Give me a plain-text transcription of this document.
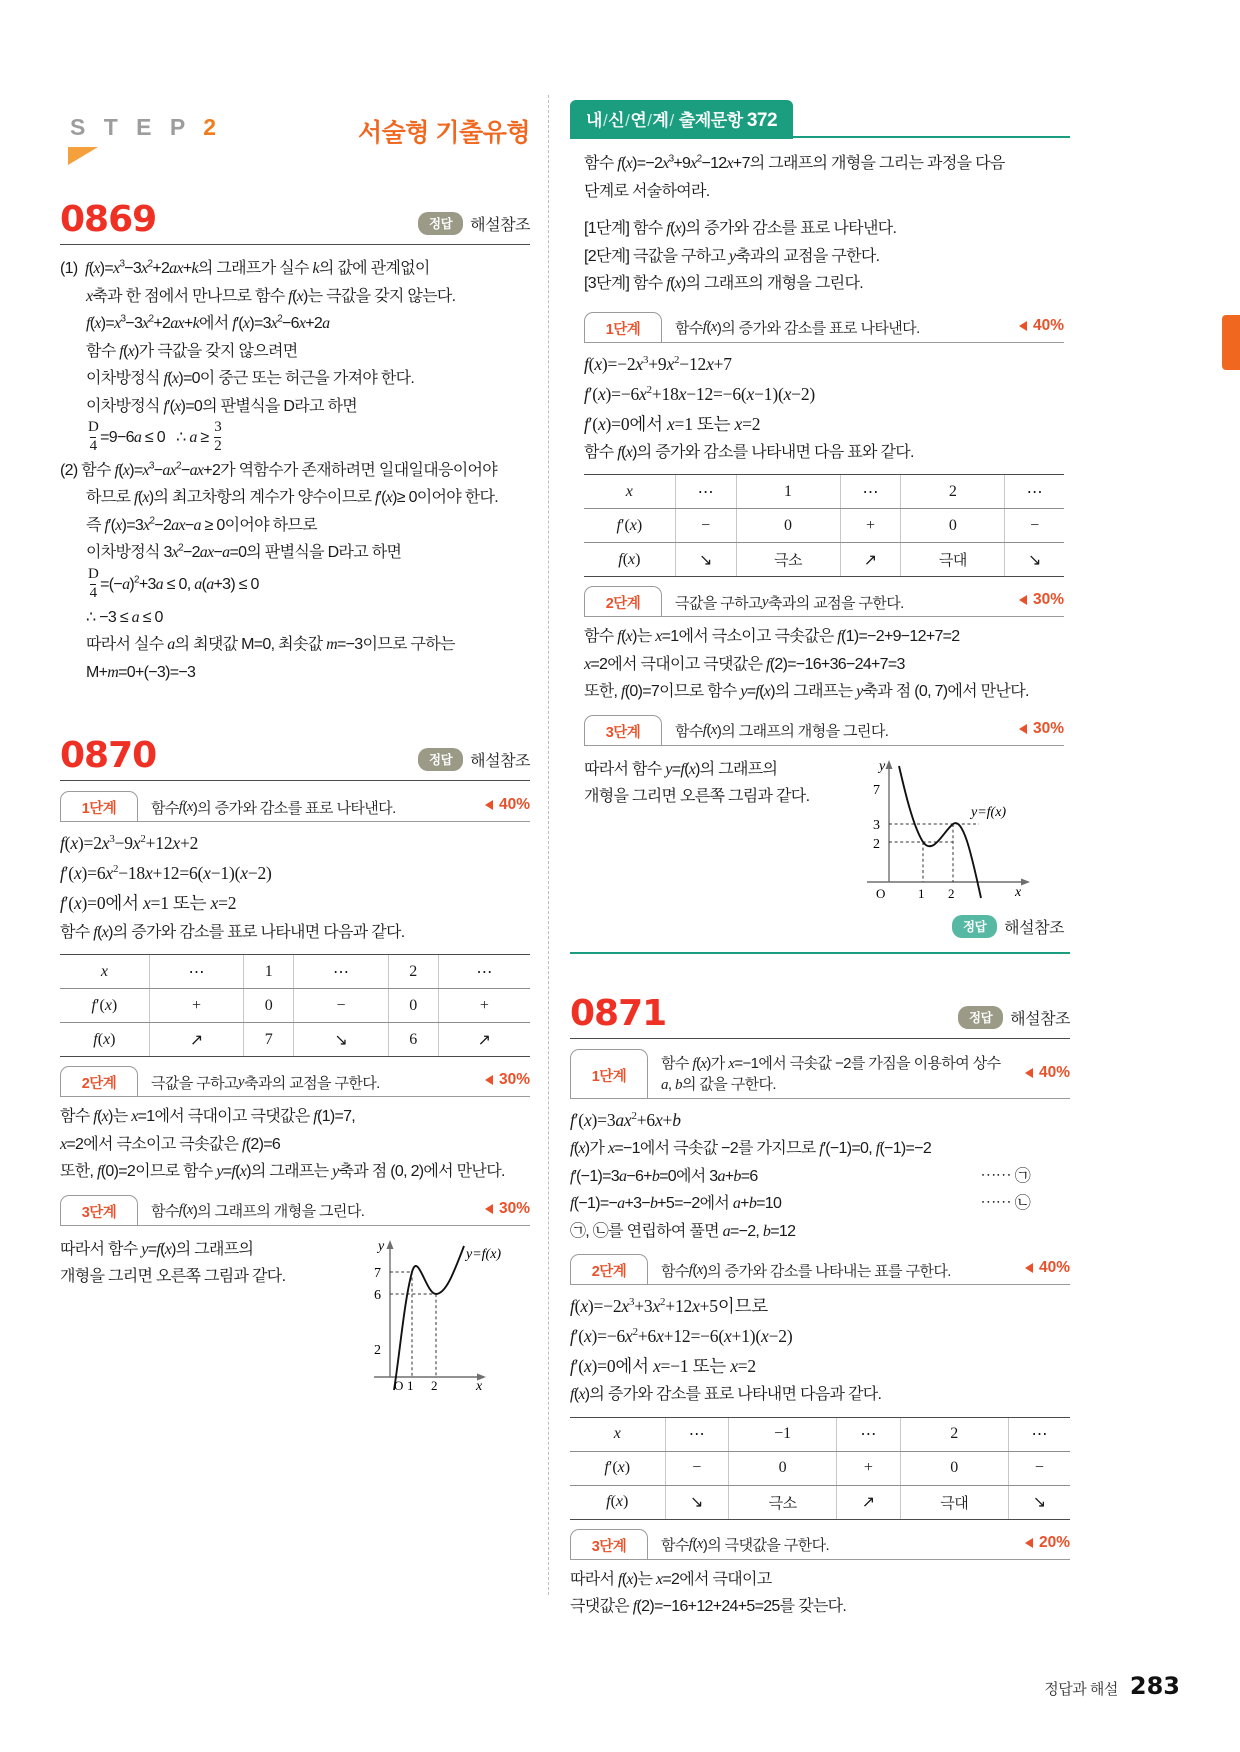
S T E P 2	서술형 기출유형
0869	정답	해설참조
(1)  $f(x)=x^3-3x^2+2ax+k$의 그래프가 실수 k의 값에 관계없이
x축과 한 점에서 만나므로 함수 f(x)는 극값을 갖지 않는다.
$f(x)=x^3-3x^2+2ax+k$에서 $f'(x)=3x^2-6x+2a$
함수 f(x)가 극값을 갖지 않으려면
이차방정식 f(x)=0이 중근 또는 허근을 가져야 한다.
이차방정식 f′(x)=0의 판별식을 D라고 하면
$\frac{D}{4} =9-6a \le 0$   ∴ $a \ge \frac{3}{2}$
(2) 함수 $f(x)=x^3-ax^2-ax+2$가 역함수가 존재하려면 일대일대응이어야
하므로 f(x)의 최고차항의 계수가 양수이므로 f′(x)≥ 0이어야 한다.
즉 $f'(x)=3x^2-2ax-a \ge 0$이어야 하므로
이차방정식 $3x^2-2ax-a=0$의 판별식을 D라고 하면
$\frac{D}{4} =(-a)^2+3a \le 0$, a(a+3) ≤ 0
∴ −3 ≤ a ≤ 0
따라서 실수 a의 최댓값 M=0, 최솟값 m=−3이므로 구하는
M+m=0+(−3)=−3
0870	정답	해설참조
1단계	함수 f ( x )의 증가와 감소를 표로 나타낸다.	40%
$f(x)=2x^3-9x^2+12x+2$
$f'(x)=6x^2-18x+12=6(x-1)(x-2)$
f′(x)=0에서 x=1 또는 x=2
함수 f(x)의 증가와 감소를 표로 나타내면 다음과 같다.
x	⋯	1	⋯	2	⋯
f′(x)	+	0	−	0	+
f(x)	↗	7	↘	6	↗
2단계	극값을 구하고 y 축과의 교점을 구한다.	30%
함수 f(x)는 x=1에서 극대이고 극댓값은 f(1)=7,
x=2에서 극소이고 극솟값은 f(2)=6
또한, f(0)=2이므로 함수 y=f(x)의 그래프는 y축과 점 (0, 2)에서 만난다.
3단계	함수 f ( x )의 그래프의 개형을 그린다.	30%
따라서 함수 y=f(x)의 그래프의
개형을 그리면 오른쪽 그림과 같다.	7
6
2
y
O 1 2	x
y=f(x)
내/신/연/계/ 출제문항 372
함수 $f(x)=-2x^3+9x^2-12x+7$의 그래프의 개형을 그리는 과정을 다음
단계로 서술하여라.
[1단계] 함수 f(x)의 증가와 감소를 표로 나타낸다.
[2단계] 극값을 구하고 y축과의 교점을 구한다.
[3단계] 함수 f(x)의 그래프의 개형을 그린다.
1단계	함수 f ( x )의 증가와 감소를 표로 나타낸다.	40%
$f(x)=-2x^3+9x^2-12x+7$
$f'(x)=-6x^2+18x-12=-6(x-1)(x-2)$
f′(x)=0에서 x=1 또는 x=2
함수 f(x)의 증가와 감소를 나타내면 다음 표와 같다.
x	⋯	1	⋯	2	⋯
f′(x)	−	0	+	0	−
f(x)	↘	극소	↗	극대	↘
2단계	극값을 구하고 y 축과의 교점을 구한다.	30%
함수 f(x)는 x=1에서 극소이고 극솟값은 f(1)=−2+9−12+7=2
x=2에서 극대이고 극댓값은 f(2)=−16+36−24+7=3
또한, f(0)=7이므로 함수 y=f(x)의 그래프는 y축과 점 (0, 7)에서 만난다.
3단계	함수 f ( x )의 그래프의 개형을 그린다.	30%
따라서 함수 y=f(x)의 그래프의
개형을 그리면 오른쪽 그림과 같다.	7
3
2
y
O	1 2	x
y=f(x)
정답	해설참조
0871	정답	해설참조
1단계
함수 f(x)가 x=−1에서 극솟값 −2를 가짐을 이용하여 상수
a, b의 값을 구한다.
40%
$f'(x)=3ax^2+6x+b$
f(x)가 x=−1에서 극솟값 −2를 가지므로 f′(−1)=0, f(−1)=−2
f′(−1)=3a−6+b=0에서 3a+b=6	⋯⋯ ㉠
f(−1)=−a+3−b+5=−2에서 a+b=10	⋯⋯ ㉡
㉠, ㉡를 연립하여 풀면 a=−2, b=12
2단계	함수 f ( x )의 증가와 감소를 나타내는 표를 구한다.	40%
$f(x)=-2x^3+3x^2+12x+5$이므로
$f'(x)=-6x^2+6x+12=-6(x+1)(x-2)$
f′(x)=0에서 x=−1 또는 x=2
f(x)의 증가와 감소를 표로 나타내면 다음과 같다.
x	⋯	−1	⋯	2	⋯
f′(x)	−	0	+	0	−
f(x)	↘	극소	↗	극대	↘
3단계	함수 f ( x )의 극댓값을 구한다.	20%
따라서 f(x)는 x=2에서 극대이고
극댓값은 f(2)=−16+12+24+5=25를 갖는다.
정답과 해설 283
